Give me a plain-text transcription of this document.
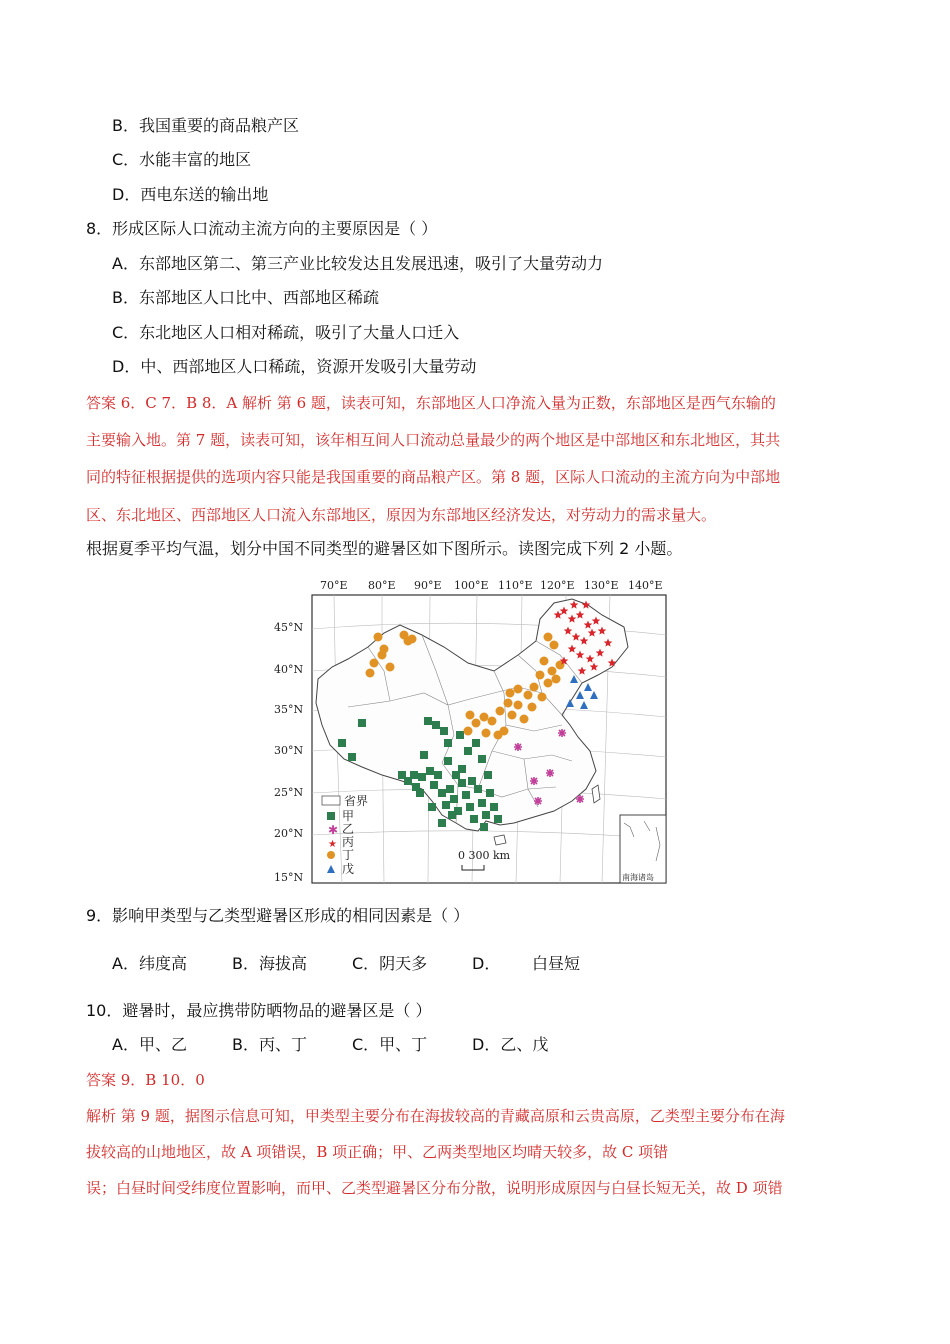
B．我国重要的商品粮产区
C．水能丰富的地区
D．西电东送的输出地
8．形成区际人口流动主流方向的主要原因是（ ）
A．东部地区第二、第三产业比较发达且发展迅速，吸引了大量劳动力
B．东部地区人口比中、西部地区稀疏
C．东北地区人口相对稀疏，吸引了大量人口迁入
D．中、西部地区人口稀疏，资源开发吸引大量劳动
答案 6．C 7．B 8．A 解析 第 6 题，读表可知，东部地区人口净流入量为正数，东部地区是西气东输的
主要输入地。第 7 题，读表可知，该年相互间人口流动总量最少的两个地区是中部地区和东北地区，其共
同的特征根据提供的选项内容只能是我国重要的商品粮产区。第 8 题，区际人口流动的主流方向为中部地
区、东北地区、西部地区人口流入东部地区，原因为东部地区经济发达，对劳动力的需求量大。
根据夏季平均气温，划分中国不同类型的避暑区如下图所示。读图完成下列 2 小题。
70°E 80°E 90°E 100°E 110°E 120°E 130°E 140°E
45°N
40°N
35°N
30°N
25°N
20°N
15°N
省界
甲
✱ 乙
★ 丙
丁
戊
0 300 km
南海诸岛
9．影响甲类型与乙类型避暑区形成的相同因素是（ ）
A．纬度高	B．海拔高	C．阴天多	D． 白昼短
10．避暑时，最应携带防晒物品的避暑区是（ ）
A．甲、乙	B．丙、丁	C．甲、丁	D．乙、戊
答案 9．B 10．0
解析 第 9 题，据图示信息可知，甲类型主要分布在海拔较高的青藏高原和云贵高原，乙类型主要分布在海
拔较高的山地地区，故 A 项错误，B 项正确；甲、乙两类型地区均晴天较多，故 C 项错
误；白昼时间受纬度位置影响，而甲、乙类型避暑区分布分散，说明形成原因与白昼长短无关，故 D 项错
